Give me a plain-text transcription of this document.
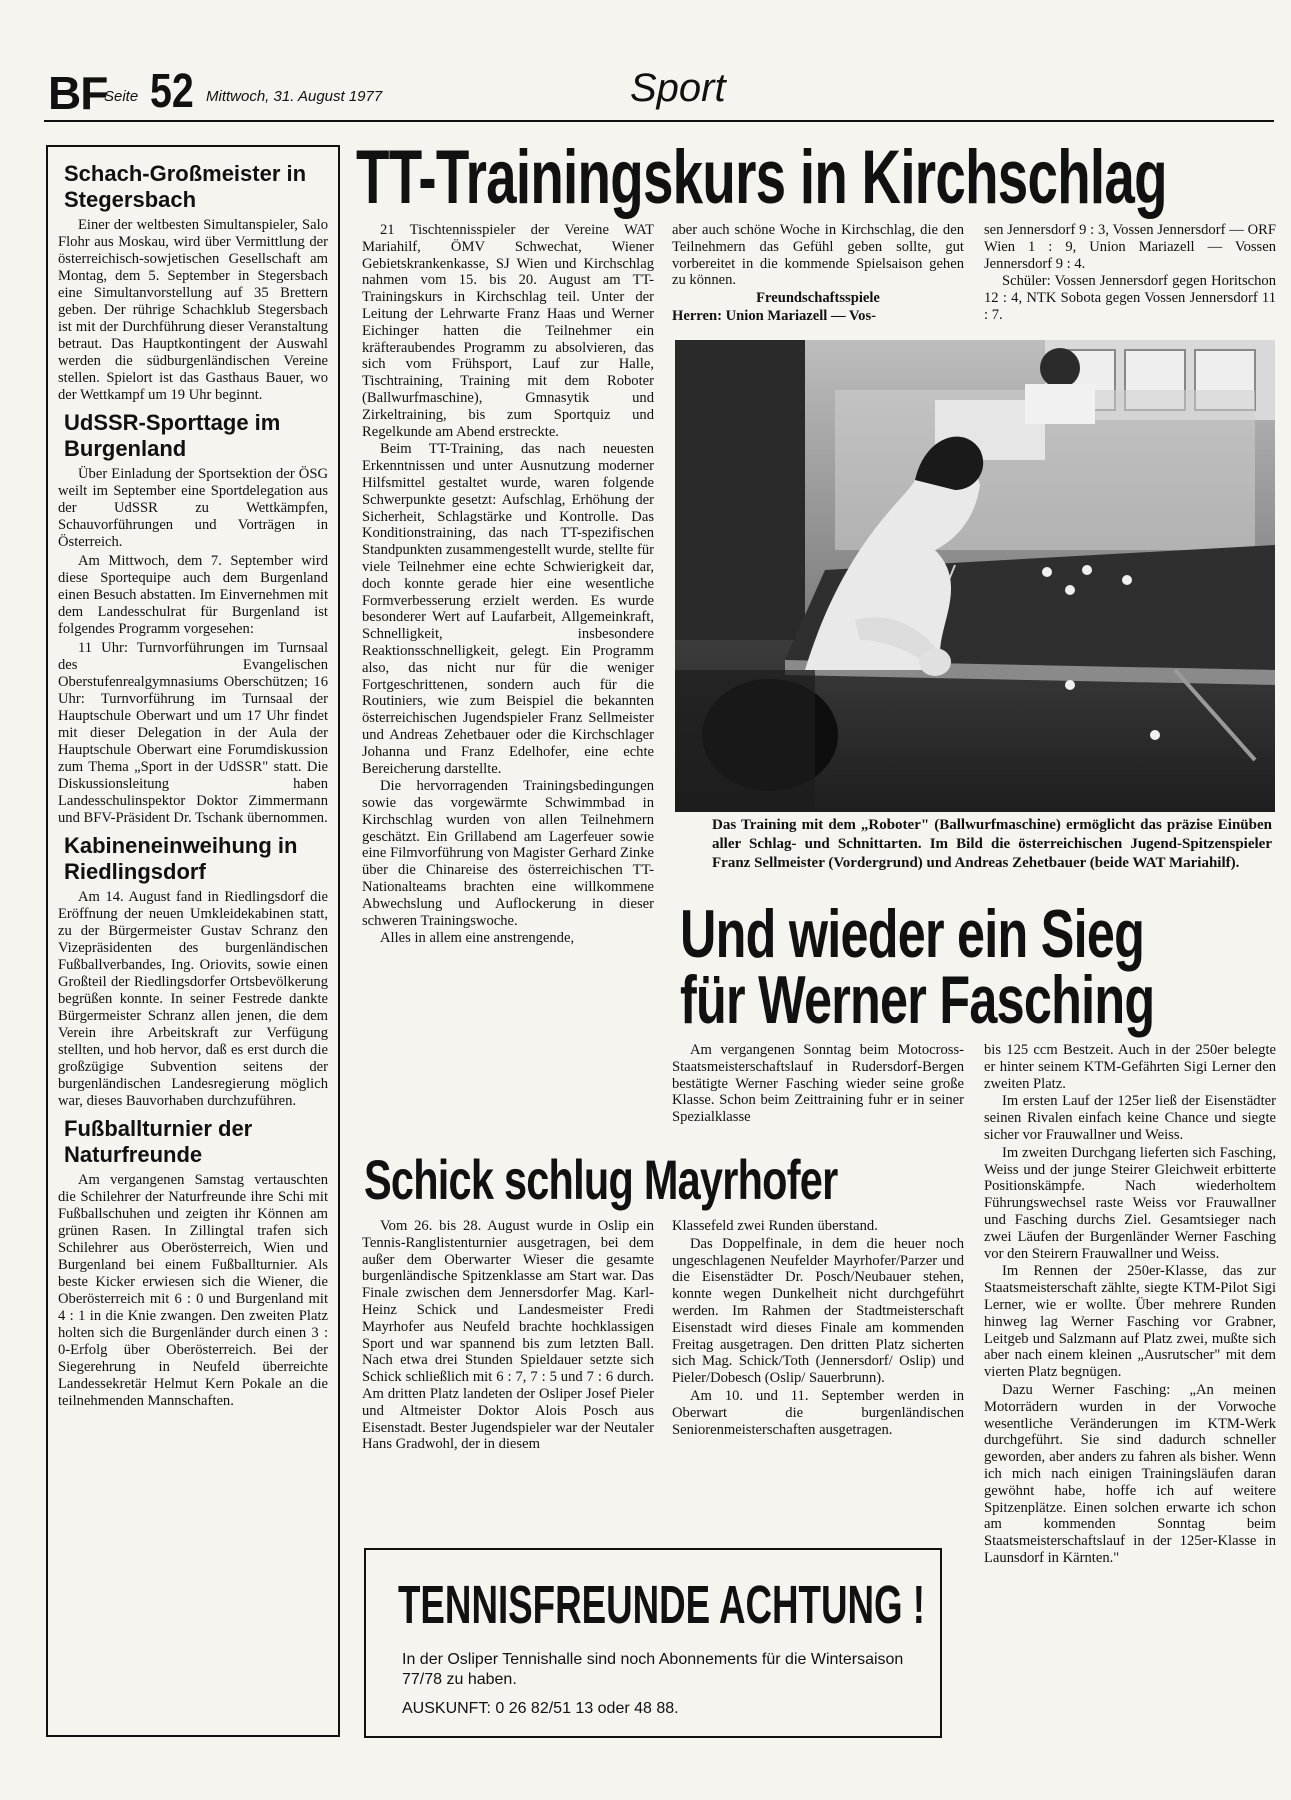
BF
Seite 52 Mittwoch, 31. August 1977	Sport
Schach-Großmeister in Stegersbach

Einer der weltbesten Simultanspieler, Salo Flohr aus Moskau, wird über Vermittlung der österreichisch-sowjetischen Gesellschaft am Montag, dem 5. September in Stegersbach eine Simultanvorstellung auf 35 Brettern geben. Der rührige Schachklub Stegersbach ist mit der Durchführung dieser Veranstaltung betraut. Das Hauptkontingent der Auswahl werden die südburgenländischen Vereine stellen. Spielort ist das Gasthaus Bauer, wo der Wettkampf um 19 Uhr beginnt.

UdSSR-Sporttage im Burgenland

Über Einladung der Sportsektion der ÖSG weilt im September eine Sportdelegation aus der UdSSR zu Wettkämpfen, Schauvorführungen und Vorträgen in Österreich.

Am Mittwoch, dem 7. September wird diese Sportequipe auch dem Burgenland einen Besuch abstatten. Im Einvernehmen mit dem Landesschulrat für Burgenland ist folgendes Programm vorgesehen:

11 Uhr: Turnvorführungen im Turnsaal des Evangelischen Oberstufenrealgymnasiums Oberschützen; 16 Uhr: Turnvorführung im Turnsaal der Hauptschule Oberwart und um 17 Uhr findet mit dieser Delegation in der Aula der Hauptschule Oberwart eine Forumdiskussion zum Thema „Sport in der UdSSR" statt. Die Diskussionsleitung haben Landesschulinspektor Doktor Zimmermann und BFV-Präsident Dr. Tschank übernommen.

Kabineneinweihung in Riedlingsdorf

Am 14. August fand in Riedlingsdorf die Eröffnung der neuen Umkleidekabinen statt, zu der Bürgermeister Gustav Schranz den Vizepräsidenten des burgenländischen Fußballverbandes, Ing. Oriovits, sowie einen Großteil der Riedlingsdorfer Ortsbevölkerung begrüßen konnte. In seiner Festrede dankte Bürgermeister Schranz allen jenen, die dem Verein ihre Arbeitskraft zur Verfügung stellten, und hob hervor, daß es erst durch die großzügige Subvention seitens der burgenländischen Landesregierung möglich war, dieses Bauvorhaben durchzuführen.

Fußballturnier der Naturfreunde

Am vergangenen Samstag vertauschten die Schilehrer der Naturfreunde ihre Schi mit Fußballschuhen und zeigten ihr Können am grünen Rasen. In Zillingtal trafen sich Schilehrer aus Oberösterreich, Wien und Burgenland bei einem Fußballturnier. Als beste Kicker erwiesen sich die Wiener, die Oberösterreich mit 6 : 0 und Burgenland mit 4 : 1 in die Knie zwangen. Den zweiten Platz holten sich die Burgenländer durch einen 3 : 0-Erfolg über Oberösterreich. Bei der Siegerehrung in Neufeld überreichte Landessekretär Helmut Kern Pokale an die teilnehmenden Mannschaften.

TT-Trainingskurs in Kirchschlag

21 Tischtennisspieler der Vereine WAT Mariahilf, ÖMV Schwechat, Wiener Gebietskrankenkasse, SJ Wien und Kirchschlag nahmen vom 15. bis 20. August am TT-Trainingskurs in Kirchschlag teil. Unter der Leitung der Lehrwarte Franz Haas und Werner Eichinger hatten die Teilnehmer ein kräfteraubendes Programm zu absolvieren, das sich vom Frühsport, Lauf zur Halle, Tischtraining, Training mit dem Roboter (Ballwurfmaschine), Gmnasytik und Zirkeltraining, bis zum Sportquiz und Regelkunde am Abend erstreckte.

Beim TT-Training, das nach neuesten Erkenntnissen und unter Ausnutzung moderner Hilfsmittel gestaltet wurde, waren folgende Schwerpunkte gesetzt: Aufschlag, Erhöhung der Sicherheit, Schlagstärke und Kontrolle. Das Konditionstraining, das nach TT-spezifischen Standpunkten zusammengestellt wurde, stellte für viele Teilnehmer eine echte Schwierigkeit dar, doch konnte gerade hier eine wesentliche Formverbesserung erzielt werden. Es wurde besonderer Wert auf Laufarbeit, Allgemeinkraft, Schnelligkeit, insbesondere Reaktionsschnelligkeit, gelegt. Ein Programm also, das nicht nur für die weniger Fortgeschrittenen, sondern auch für die Routiniers, wie zum Beispiel die bekannten österreichischen Jugendspieler Franz Sellmeister und Andreas Zehetbauer oder die Kirchschlager Johanna und Franz Edelhofer, eine echte Bereicherung darstellte.

Die hervorragenden Trainingsbedingungen sowie das vorgewärmte Schwimmbad in Kirchschlag wurden von allen Teilnehmern geschätzt. Ein Grillabend am Lagerfeuer sowie eine Filmvorführung von Magister Gerhard Zinke über die Chinareise des österreichischen TT-Nationalteams brachten eine willkommene Abwechslung und Auflockerung in dieser schweren Trainingswoche.

Alles in allem eine anstrengende,

aber auch schöne Woche in Kirchschlag, die den Teilnehmern das Gefühl geben sollte, gut vorbereitet in die kommende Spielsaison gehen zu können.

Freundschaftsspiele

Herren: Union Mariazell — Vos-

sen Jennersdorf 9 : 3, Vossen Jennersdorf — ORF Wien 1 : 9, Union Mariazell — Vossen Jennersdorf 9 : 4.

Schüler: Vossen Jennersdorf gegen Horitschon 12 : 4, NTK Sobota gegen Vossen Jennersdorf 11 : 7.

Das Training mit dem „Roboter" (Ballwurfmaschine) ermöglicht das präzise Einüben aller Schlag- und Schnittarten. Im Bild die österreichischen Jugend-Spitzenspieler Franz Sellmeister (Vordergrund) und Andreas Zehetbauer (beide WAT Mariahilf).
Und wieder ein Sieg
für Werner Fasching

Am vergangenen Sonntag beim Motocross-Staatsmeisterschaftslauf in Rudersdorf-Bergen bestätigte Werner Fasching wieder seine große Klasse. Schon beim Zeittraining fuhr er in seiner Spezialklasse

bis 125 ccm Bestzeit. Auch in der 250er belegte er hinter seinem KTM-Gefährten Sigi Lerner den zweiten Platz.

Im ersten Lauf der 125er ließ der Eisenstädter seinen Rivalen einfach keine Chance und siegte sicher vor Frauwallner und Weiss.

Im zweiten Durchgang lieferten sich Fasching, Weiss und der junge Steirer Gleichweit erbitterte Positionskämpfe. Nach wiederholtem Führungswechsel raste Weiss vor Frauwallner und Fasching durchs Ziel. Gesamtsieger nach zwei Läufen der Burgenländer Werner Fasching vor den Steirern Frauwallner und Weiss.

Im Rennen der 250er-Klasse, das zur Staatsmeisterschaft zählte, siegte KTM-Pilot Sigi Lerner, wie er wollte. Über mehrere Runden hinweg lag Werner Fasching vor Grabner, Leitgeb und Salzmann auf Platz zwei, mußte sich aber nach einem kleinen „Ausrutscher" mit dem vierten Platz begnügen.

Dazu Werner Fasching: „An meinen Motorrädern wurden in der Vorwoche wesentliche Veränderungen im KTM-Werk durchgeführt. Sie sind dadurch schneller geworden, aber anders zu fahren als bisher. Wenn ich mich nach einigen Trainingsläufen daran gewöhnt habe, hoffe ich auf weitere Spitzenplätze. Einen solchen erwarte ich schon am kommenden Sonntag beim Staatsmeisterschaftslauf in der 125er-Klasse in Launsdorf in Kärnten."

Schick schlug Mayrhofer

Vom 26. bis 28. August wurde in Oslip ein Tennis-Ranglistenturnier ausgetragen, bei dem außer dem Oberwarter Wieser die gesamte burgenländische Spitzenklasse am Start war. Das Finale zwischen dem Jennersdorfer Mag. Karl-Heinz Schick und Landesmeister Fredi Mayrhofer aus Neufeld brachte hochklassigen Sport und war spannend bis zum letzten Ball. Nach etwa drei Stunden Spieldauer setzte sich Schick schließlich mit 6 : 7, 7 : 5 und 7 : 6 durch. Am dritten Platz landeten der Osliper Josef Pieler und Altmeister Doktor Alois Posch aus Eisenstadt. Bester Jugendspieler war der Neutaler Hans Gradwohl, der in diesem

Klassefeld zwei Runden überstand.

Das Doppelfinale, in dem die heuer noch ungeschlagenen Neufelder Mayrhofer/Parzer und die Eisenstädter Dr. Posch/Neubauer stehen, konnte wegen Dunkelheit nicht durchgeführt werden. Im Rahmen der Stadtmeisterschaft Eisenstadt wird dieses Finale am kommenden Freitag ausgetragen. Den dritten Platz sicherten sich Mag. Schick/Toth (Jennersdorf/ Oslip) und Pieler/Dobesch (Oslip/ Sauerbrunn).

Am 10. und 11. September werden in Oberwart die burgenländischen Seniorenmeisterschaften ausgetragen.

TENNISFREUNDE ACHTUNG !
In der Osliper Tennishalle sind noch Abonnements für die Wintersaison 77/78 zu haben.
AUSKUNFT: 0 26 82/51 13 oder 48 88.
